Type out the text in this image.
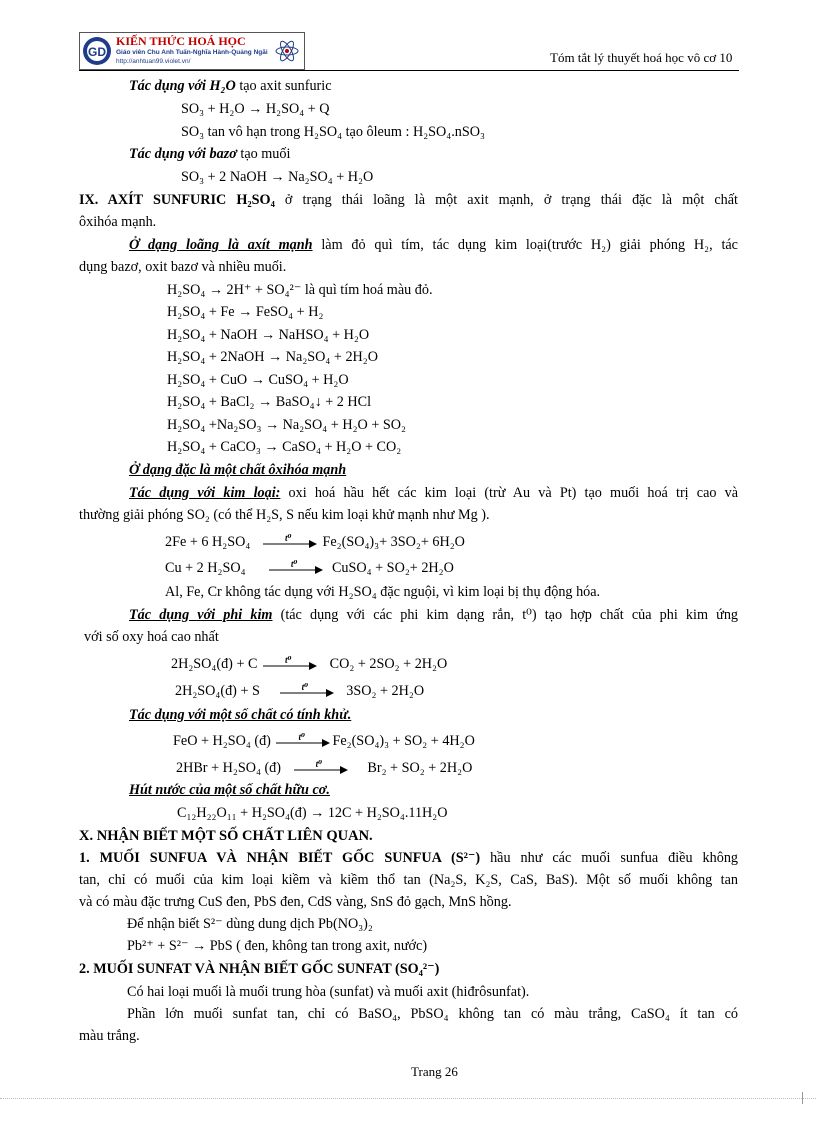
GD
KIẾN THỨC HOÁ HỌC
Giáo viên Chu Anh Tuấn-Nghĩa Hành-Quảng Ngãi
http://anhtuan99.violet.vn/	Tóm tắt lý thuyết hoá học vô cơ 10
Tác dụng với H₂O tạo axit sunfuric
SO₃ + H₂O → H₂SO₄ + Q
SO₃ tan vô hạn trong H₂SO₄ tạo ôleum : H₂SO₄.nSO₃
Tác dụng với bazơ tạo muối
SO₃ + 2 NaOH → Na₂SO₄ + H₂O
IX. AXÍT SUNFURIC H₂SO₄ ở trạng thái loãng là một axit mạnh, ở trạng thái đặc là một chất
ôxihóa mạnh.
Ở dạng loãng là axít mạnh làm đỏ quì tím, tác dụng kim loại(trước H₂) giải phóng H₂, tác
dụng bazơ, oxit bazơ và nhiều muối.
H₂SO₄ → 2H⁺ + SO₄²⁻ là quì tím hoá màu đỏ.
H₂SO₄ + Fe → FeSO₄ + H₂
H₂SO₄ + NaOH → NaHSO₄ + H₂O
H₂SO₄ + 2NaOH → Na₂SO₄ + 2H₂O
H₂SO₄ + CuO → CuSO₄ + H₂O
H₂SO₄ + BaCl₂ → BaSO₄↓ + 2 HCl
H₂SO₄ +Na₂SO₃ → Na₂SO₄ + H₂O + SO₂
H₂SO₄ + CaCO₃ → CaSO₄ + H₂O + CO₂
Ở dạng đặc là một chất ôxihóa mạnh
Tác dụng với kim loại: oxi hoá hầu hết các kim loại (trừ Au và Pt) tạo muối hoá trị cao và
thường giải phóng SO₂ (có thể H₂S, S nếu kim loại khử mạnh như Mg ).
2Fe + 6 H₂SO₄	t⁰ Fe₂(SO₄)₃+ 3SO₂+ 6H₂O
Cu + 2 H₂SO₄	t⁰ CuSO₄ + SO₂+ 2H₂O
Al, Fe, Cr không tác dụng với H₂SO₄ đặc nguội, vì kim loại bị thụ động hóa.
Tác dụng với phi kim (tác dụng với các phi kim dạng rắn, t⁰) tạo hợp chất của phi kim ứng
với số oxy hoá cao nhất
2H₂SO₄(đ) + C	t⁰	CO₂ + 2SO₂ + 2H₂O
2H₂SO₄(đ) + S	t⁰	3SO₂ + 2H₂O
Tác dụng với một số chất có tính khử.
FeO + H₂SO₄ (đ)	t⁰ Fe₂(SO₄)₃ + SO₂ + 4H₂O
2HBr + H₂SO₄ (đ)	t⁰	Br₂ + SO₂ + 2H₂O
Hút nước của một số chất hữu cơ.
C₁₂H₂₂O₁₁ + H₂SO₄(đ) → 12C + H₂SO₄.11H₂O
X. NHẬN BIẾT MỘT SỐ CHẤT LIÊN QUAN.
1. MUỐI SUNFUA VÀ NHẬN BIẾT GỐC SUNFUA (S²⁻) hầu như các muối sunfua điều không
tan, chỉ có muối của kim loại kiềm và kiềm thổ tan (Na₂S, K₂S, CaS, BaS). Một số muối không tan
và có màu đặc trưng CuS đen, PbS đen, CdS vàng, SnS đỏ gạch, MnS hồng.
Để nhận biết S²⁻ dùng dung dịch Pb(NO₃)₂
Pb²⁺ + S²⁻ → PbS ( đen, không tan trong axit, nước)
2. MUỐI SUNFAT VÀ NHẬN BIẾT GỐC SUNFAT (SO₄²⁻)
Có hai loại muối là muối trung hòa (sunfat) và muối axit (hiđrôsunfat).
Phần lớn muối sunfat tan, chỉ có BaSO₄, PbSO₄ không tan có màu trắng, CaSO₄ ít tan có
màu trắng.
Trang 26
